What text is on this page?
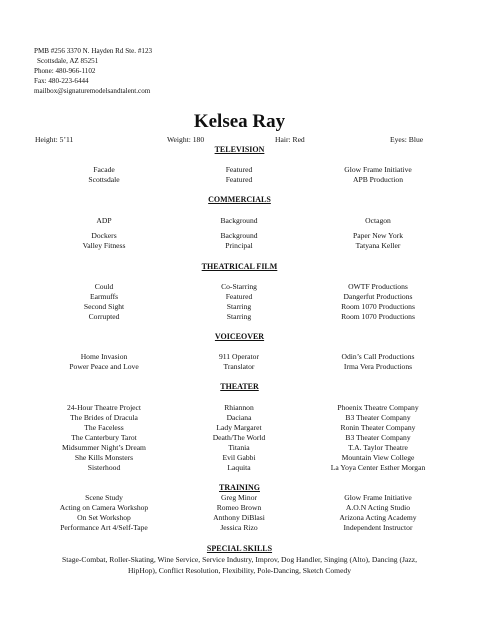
PMB #256 3370 N. Hayden Rd Ste. #123
Scottsdale, AZ 85251
Phone: 480-966-1102
Fax: 480-223-6444
mailbox@signaturemodelsandtalent.com
Kelsea Ray
Height: 5’11	Weight: 180	Hair: Red	Eyes: Blue
TELEVISION
Facade	Featured	Glow Frame Initiative
Scottsdale	Featured	APB Production
COMMERCIALS
ADP	Background	Octagon
Dockers	Background	Paper New York
Valley Fitness	Principal	Tatyana Keller
THEATRICAL FILM
Could	Co-Starring	OWTF Productions
Earmuffs	Featured	Dangerfut Productions
Second Sight	Starring	Room 1070 Productions
Corrupted	Starring	Room 1070 Productions
VOICEOVER
Home Invasion	911 Operator	Odin’s Call Productions
Power Peace and Love	Translator	Irma Vera Productions
THEATER
24-Hour Theatre Project	Rhiannon	Phoenix Theatre Company
The Brides of Dracula	Daciana	B3 Theater Company
The Faceless	Lady Margaret	Ronin Theater Company
The Canterbury Tarot	Death/The World	B3 Theater Company
Midsummer Night’s Dream	Titania	T.A. Taylor Theatre
She Kills Monsters	Evil Gabbi	Mountain View College
Sisterhood	Laquita	La Yoya Center Esther Morgan
TRAINING
Scene Study	Greg Minor	Glow Frame Initiative
Acting on Camera Workshop	Romeo Brown	A.O.N Acting Studio
On Set Workshop	Anthony DiBlasi	Arizona Acting Academy
Performance Art 4/Self-Tape	Jessica Rizo	Independent Instructor
SPECIAL SKILLS
Stage-Combat, Roller-Skating, Wine Service, Service Industry, Improv, Dog Handler, Singing (Alto), Dancing (Jazz,
HipHop), Conflict Resolution, Flexibility, Pole-Dancing, Sketch Comedy
